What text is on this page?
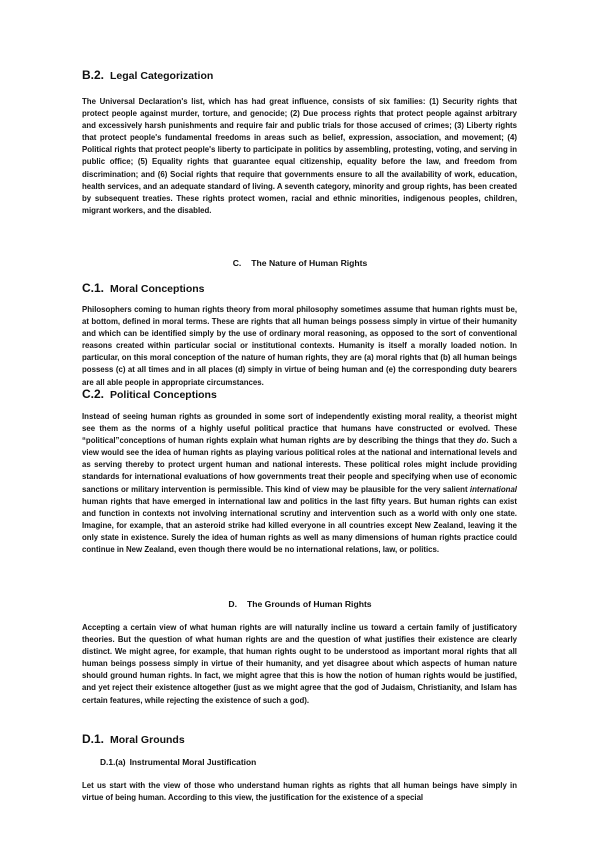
B.2. Legal Categorization

The Universal Declaration's list, which has had great influence, consists of six families: (1) Security rights that protect people against murder, torture, and genocide; (2) Due process rights that protect people against arbitrary and excessively harsh punishments and require fair and public trials for those accused of crimes; (3) Liberty rights that protect people's fundamental freedoms in areas such as belief, expression, association, and movement; (4) Political rights that protect people's liberty to participate in politics by assembling, protesting, voting, and serving in public office; (5) Equality rights that guarantee equal citizenship, equality before the law, and freedom from discrimination; and (6) Social rights that require that governments ensure to all the availability of work, education, health services, and an adequate standard of living. A seventh category, minority and group rights, has been created by subsequent treaties. These rights protect women, racial and ethnic minorities, indigenous peoples, children, migrant workers, and the disabled.

C. The Nature of Human Rights
C.1. Moral Conceptions

Philosophers coming to human rights theory from moral philosophy sometimes assume that human rights must be, at bottom, defined in moral terms. These are rights that all human beings possess simply in virtue of their humanity and which can be identified simply by the use of ordinary moral reasoning, as opposed to the sort of conventional reasons created within particular social or institutional contexts. Humanity is itself a morally loaded notion. In particular, on this moral conception of the nature of human rights, they are (a) moral rights that (b) all human beings possess (c) at all times and in all places (d) simply in virtue of being human and (e) the corresponding duty bearers are all able people in appropriate circumstances.

C.2. Political Conceptions

Instead of seeing human rights as grounded in some sort of independently existing moral reality, a theorist might see them as the norms of a highly useful political practice that humans have constructed or evolved. These “political”conceptions of human rights explain what human rights are by describing the things that they do. Such a view would see the idea of human rights as playing various political roles at the national and international levels and as serving thereby to protect urgent human and national interests. These political roles might include providing standards for international evaluations of how governments treat their people and specifying when use of economic sanctions or military intervention is permissible. This kind of view may be plausible for the very salient international human rights that have emerged in international law and politics in the last fifty years. But human rights can exist and function in contexts not involving international scrutiny and intervention such as a world with only one state. Imagine, for example, that an asteroid strike had killed everyone in all countries except New Zealand, leaving it the only state in existence. Surely the idea of human rights as well as many dimensions of human rights practice could continue in New Zealand, even though there would be no international relations, law, or politics.

D. The Grounds of Human Rights

Accepting a certain view of what human rights are will naturally incline us toward a certain family of justificatory theories. But the question of what human rights are and the question of what justifies their existence are clearly distinct. We might agree, for example, that human rights ought to be understood as important moral rights that all human beings possess simply in virtue of their humanity, and yet disagree about which aspects of human nature should ground human rights. In fact, we might agree that this is how the notion of human rights would be justified, and yet reject their existence altogether (just as we might agree that the god of Judaism, Christianity, and Islam has certain features, while rejecting the existence of such a god).

D.1. Moral Grounds
D.1.(a) Instrumental Moral Justification

Let us start with the view of those who understand human rights as rights that all human beings have simply in virtue of being human. According to this view, the justification for the existence of a special
